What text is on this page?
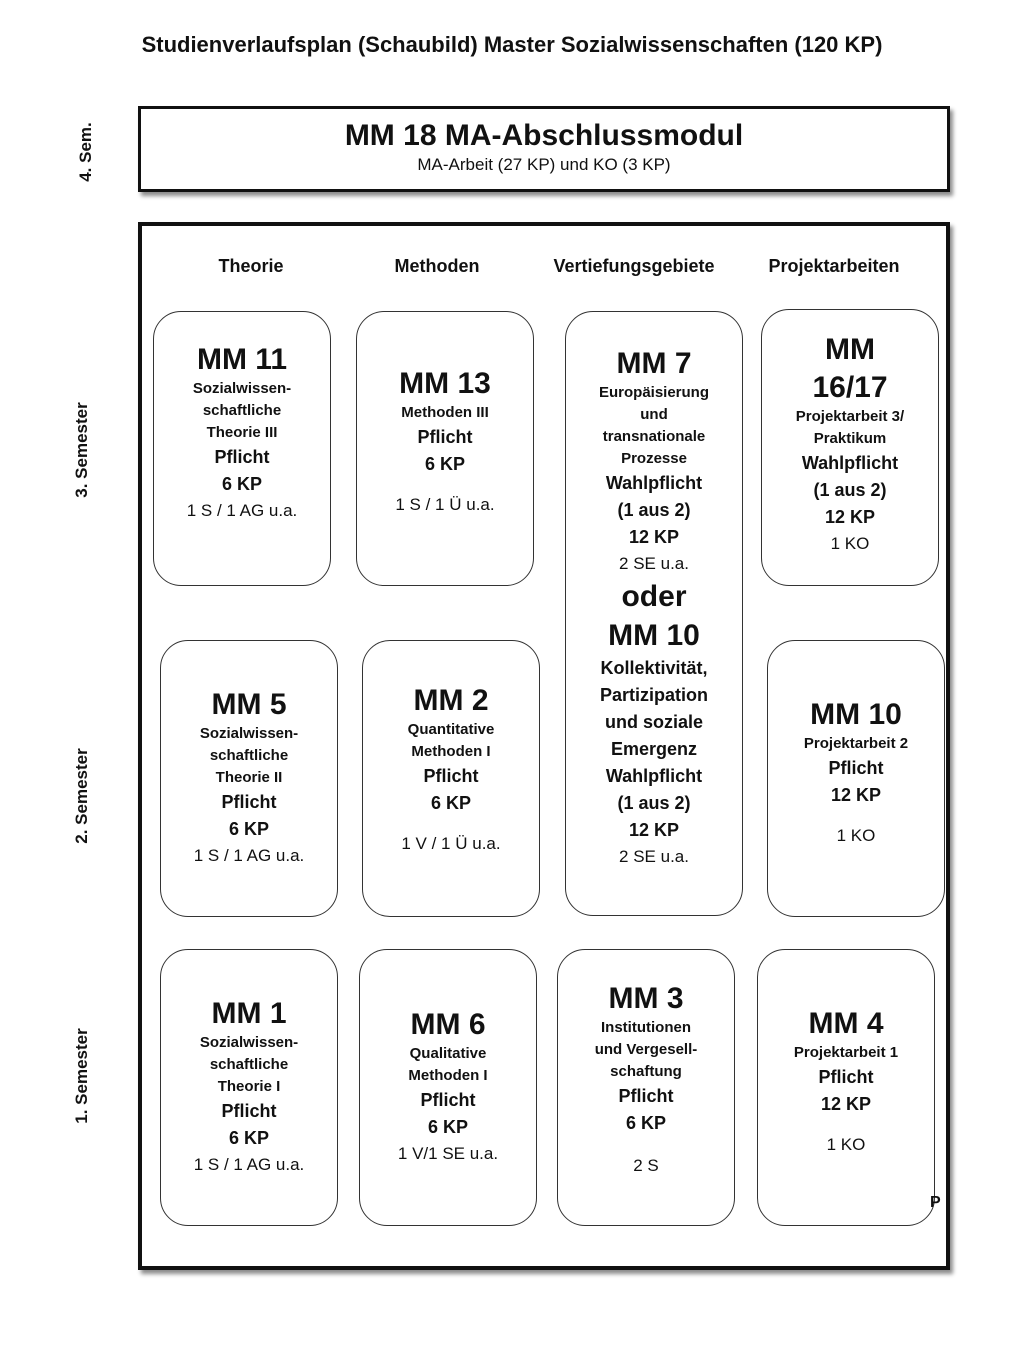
Studienverlaufsplan (Schaubild) Master Sozialwissenschaften (120 KP)
4. Sem.
3. Semester
2. Semester
1. Semester
MM 18 MA-Abschlussmodul
MA-Arbeit (27 KP) und KO (3 KP)
Theorie	Methoden	Vertiefungsgebiete	Projektarbeiten
MM 11
Sozialwissen-
schaftliche
Theorie III
Pflicht
6 KP
1 S / 1 AG u.a.
MM 13
Methoden III
Pflicht
6 KP
1 S / 1 Ü u.a.
MM 7
Europäisierung
und
transnationale
Prozesse
Wahlpflicht
(1 aus 2)
12 KP
2 SE u.a.
oder
MM 10
Kollektivität,
Partizipation
und soziale
Emergenz
Wahlpflicht
(1 aus 2)
12 KP
2 SE u.a.
MM
16/17
Projektarbeit 3/
Praktikum
Wahlpflicht
(1 aus 2)
12 KP
1 KO
MM 5
Sozialwissen-
schaftliche
Theorie II
Pflicht
6 KP
1 S / 1 AG u.a.
MM 2
Quantitative
Methoden I
Pflicht
6 KP
1 V / 1 Ü u.a.
MM 10
Projektarbeit 2
Pflicht
12 KP
1 KO
MM 1
Sozialwissen-
schaftliche
Theorie I
Pflicht
6 KP
1 S / 1 AG u.a.
MM 6
Qualitative
Methoden I
Pflicht
6 KP
1 V/1 SE u.a.
MM 3
Institutionen
und Vergesell-
schaftung
Pflicht
6 KP
2 S
MM 4
Projektarbeit 1
Pflicht
12 KP
1 KO
P
